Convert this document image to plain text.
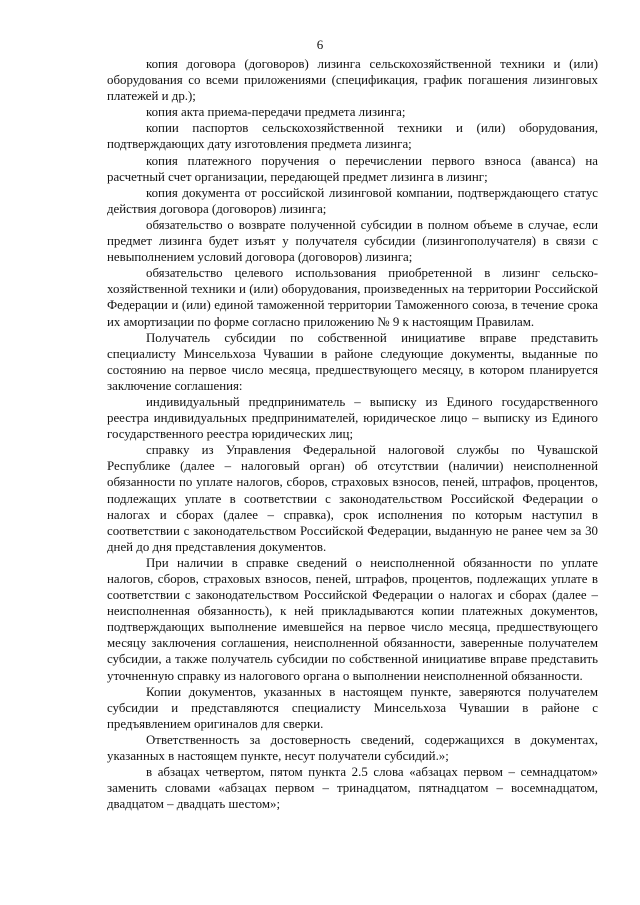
6

копия договора (договоров) лизинга сельскохозяйственной техники и (или) оборудования со всеми приложениями (спецификация, график погашения лизинговых платежей и др.);

копия акта приема-передачи предмета лизинга;

копии паспортов сельскохозяйственной техники и (или) оборудования, подтверждающих дату изготовления предмета лизинга;

копия платежного поручения о перечислении первого взноса (аванса) на расчетный счет организации, передающей предмет лизинга в лизинг;

копия документа от российской лизинговой компании, подтверждающего статус действия договора (договоров) лизинга;

обязательство о возврате полученной субсидии в полном объеме в случае, если предмет лизинга будет изъят у получателя субсидии (лизингополучателя) в связи с невыполнением условий договора (договоров) лизинга;

обязательство целевого использования приобретенной в лизинг сельскохозяйственной техники и (или) оборудования, произведенных на территории Российской Федерации и (или) единой таможенной территории Таможенного союза, в течение срока их амортизации по форме согласно приложению № 9 к настоящим Правилам.

Получатель субсидии по собственной инициативе вправе представить специалисту Минсельхоза Чувашии в районе следующие документы, выданные по состоянию на первое число месяца, предшествующего месяцу, в котором планируется заключение соглашения:

индивидуальный предприниматель – выписку из Единого государственного реестра индивидуальных предпринимателей, юридическое лицо – выписку из Единого государственного реестра юридических лиц;

справку из Управления Федеральной налоговой службы по Чувашской Республике (далее – налоговый орган) об отсутствии (наличии) неисполненной обязанности по уплате налогов, сборов, страховых взносов, пеней, штрафов, процентов, подлежащих уплате в соответствии с законодательством Российской Федерации о налогах и сборах (далее – справка), срок исполнения по которым наступил в соответствии с законодательством Российской Федерации, выданную не ранее чем за 30 дней до дня представления документов.

При наличии в справке сведений о неисполненной обязанности по уплате налогов, сборов, страховых взносов, пеней, штрафов, процентов, подлежащих уплате в соответствии с законодательством Российской Федерации о налогах и сборах (далее – неисполненная обязанность), к ней прикладываются копии платежных документов, подтверждающих выполнение имевшейся на первое число месяца, предшествующего месяцу заключения соглашения, неисполненной обязанности, заверенные получателем субсидии, а также получатель субсидии по собственной инициативе вправе представить уточненную справку из налогового органа о выполнении неисполненной обязанности.

Копии документов, указанных в настоящем пункте, заверяются получателем субсидии и представляются специалисту Минсельхоза Чувашии в районе с предъявлением оригиналов для сверки.

Ответственность за достоверность сведений, содержащихся в документах, указанных в настоящем пункте, несут получатели субсидий.»;

в абзацах четвертом, пятом пункта 2.5 слова «абзацах первом – семнадцатом» заменить словами «абзацах первом – тринадцатом, пятнадцатом – восемнадцатом, двадцатом – двадцать шестом»;
